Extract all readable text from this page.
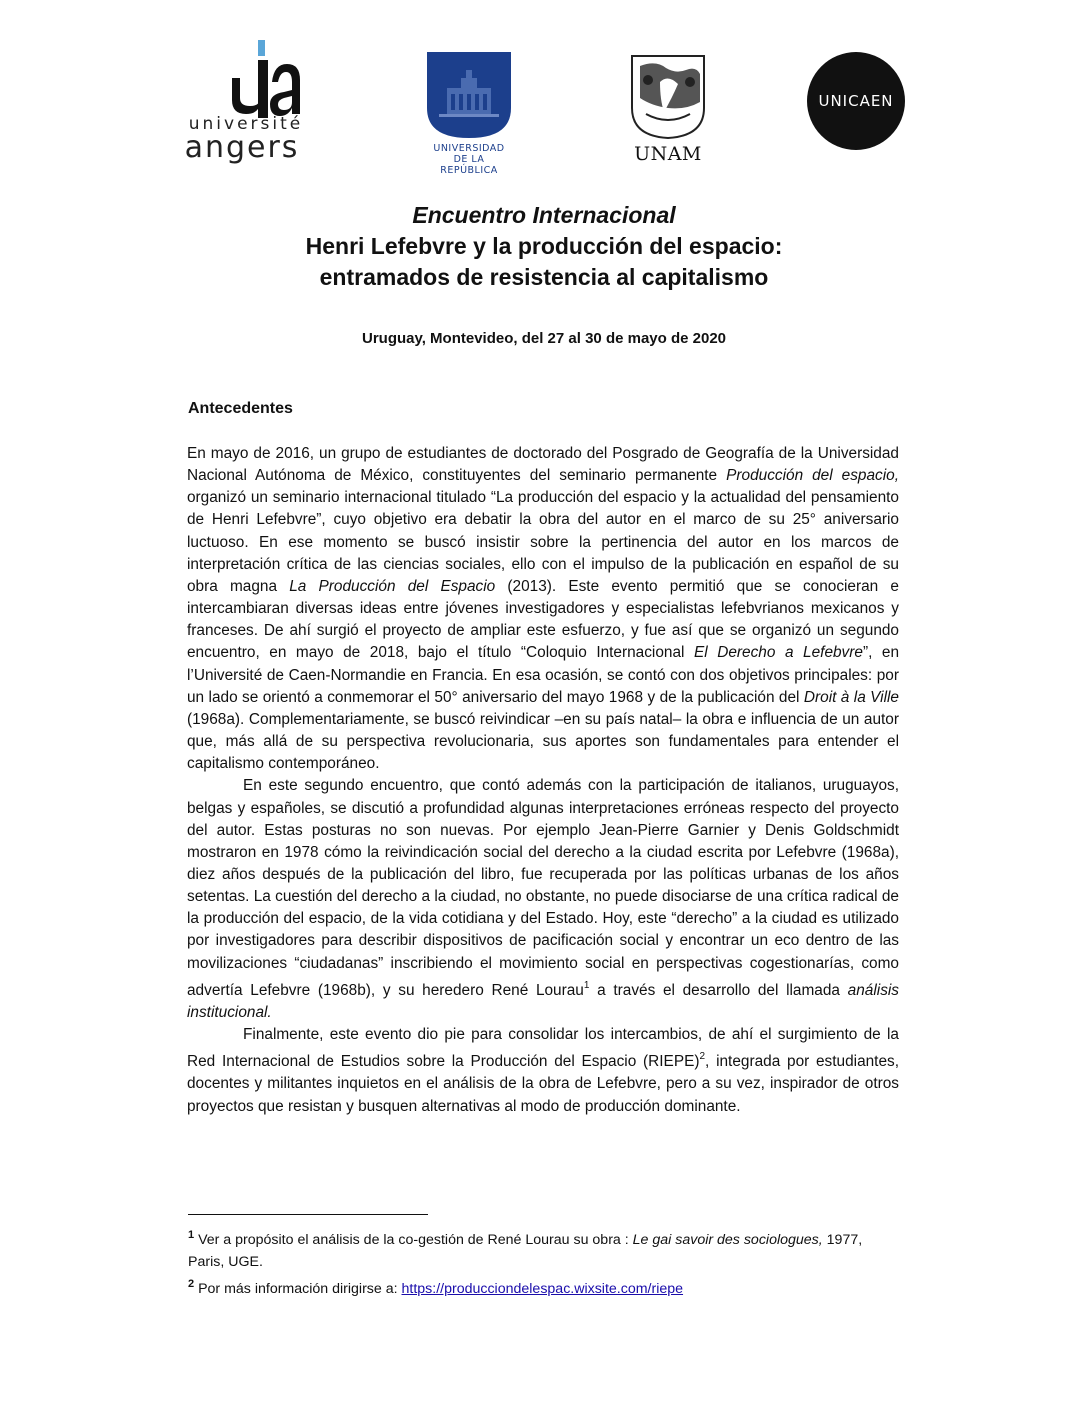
université
angers	UNIVERSIDAD
DE LA REPÚBLICA
UNAM
UNICAEN
Encuentro Internacional
Henri Lefebvre y la producción del espacio:
entramados de resistencia al capitalismo
Uruguay, Montevideo, del 27 al 30 de mayo de 2020
Antecedentes

En mayo de 2016, un grupo de estudiantes de doctorado del Posgrado de Geografía de la Universidad Nacional Autónoma de México, constituyentes del seminario permanente Producción del espacio, organizó un seminario internacional titulado “La producción del espacio y la actualidad del pensamiento de Henri Lefebvre”, cuyo objetivo era debatir la obra del autor en el marco de su 25° aniversario luctuoso. En ese momento se buscó insistir sobre la pertinencia del autor en los marcos de interpretación crítica de las ciencias sociales, ello con el impulso de la publicación en español de su obra magna La Producción del Espacio (2013). Este evento permitió que se conocieran e intercambiaran diversas ideas entre jóvenes investigadores y especialistas lefebvrianos mexicanos y franceses. De ahí surgió el proyecto de ampliar este esfuerzo, y fue así que se organizó un segundo encuentro, en mayo de 2018, bajo el título “Coloquio Internacional El Derecho a Lefebvre”, en l’Université de Caen-Normandie en Francia. En esa ocasión, se contó con dos objetivos principales: por un lado se orientó a conmemorar el 50° aniversario del mayo 1968 y de la publicación del Droit à la Ville (1968a). Complementariamente, se buscó reivindicar –en su país natal– la obra e influencia de un autor que, más allá de su perspectiva revolucionaria, sus aportes son fundamentales para entender el capitalismo contemporáneo.

En este segundo encuentro, que contó además con la participación de italianos, uruguayos, belgas y españoles, se discutió a profundidad algunas interpretaciones erróneas respecto del proyecto del autor. Estas posturas no son nuevas. Por ejemplo Jean-Pierre Garnier y Denis Goldschmidt mostraron en 1978 cómo la reivindicación social del derecho a la ciudad escrita por Lefebvre (1968a), diez años después de la publicación del libro, fue recuperada por las políticas urbanas de los años setentas. La cuestión del derecho a la ciudad, no obstante, no puede disociarse de una crítica radical de la producción del espacio, de la vida cotidiana y del Estado. Hoy, este “derecho” a la ciudad es utilizado por investigadores para describir dispositivos de pacificación social y encontrar un eco dentro de las movilizaciones “ciudadanas” inscribiendo el movimiento social en perspectivas cogestionarías, como advertía Lefebvre (1968b), y su heredero René Lourau$^1$ a través el desarrollo del llamada análisis institucional.

Finalmente, este evento dio pie para consolidar los intercambios, de ahí el surgimiento de la Red Internacional de Estudios sobre la Producción del Espacio (RIEPE)$^2$, integrada por estudiantes, docentes y militantes inquietos en el análisis de la obra de Lefebvre, pero a su vez, inspirador de otros proyectos que resistan y busquen alternativas al modo de producción dominante.

$^1$ Ver a propósito el análisis de la co-gestión de René Lourau su obra : Le gai savoir des sociologues, 1977, Paris, UGE.

$^2$ Por más información dirigirse a: https://producciondelespac.wixsite.com/riepe
